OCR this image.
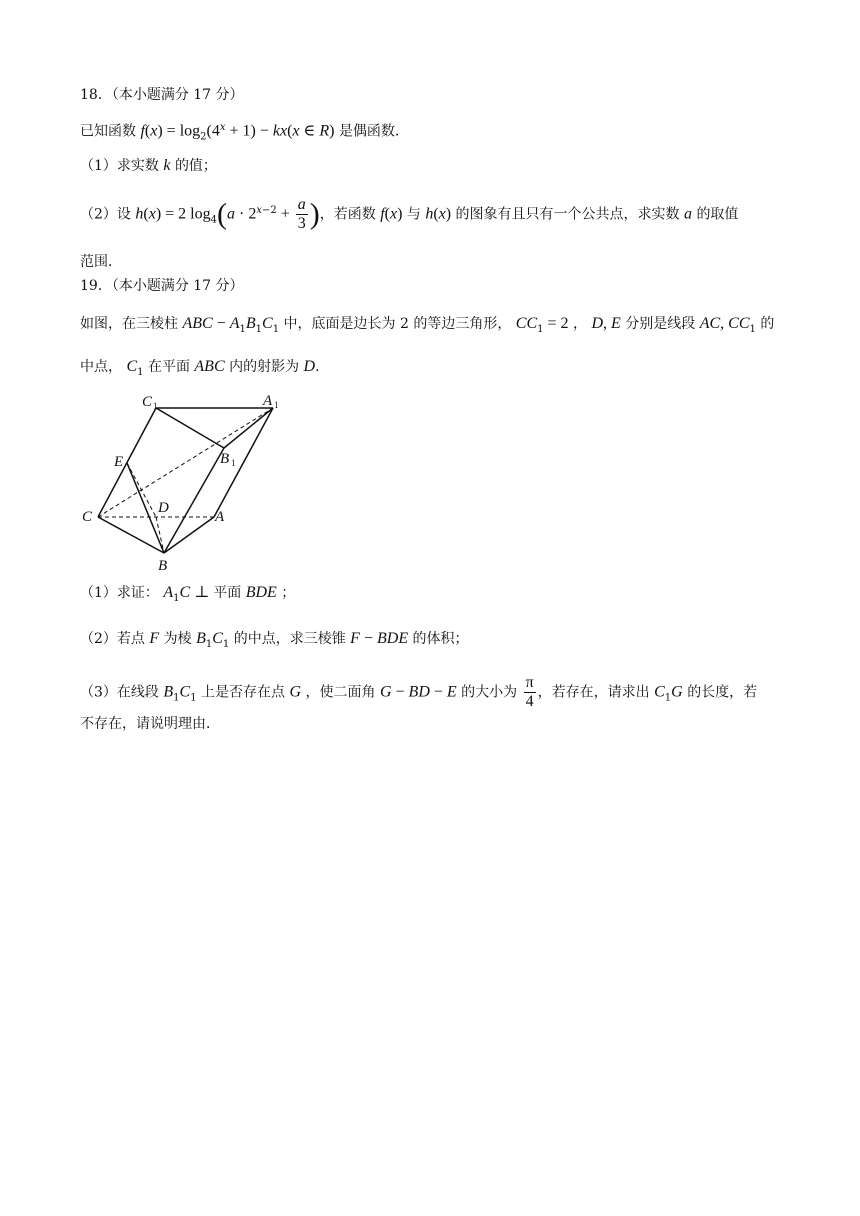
18．（本小题满分 17 分）
已知函数 $f(x) = \log_2(4^x + 1) - kx(x$ ∈ R) 是偶函数．
（1）求实数 k 的值；
（2）设 h(x) = 2 $\log_4(a \cdot 2^{x-2} + \frac{a}{3}$ )，若函数 f(x) 与 h(x) 的图象有且只有一个公共点，求实数 a 的取值
范围．
19．（本小题满分 17 分）
如图，在三棱柱 ABC − $A_1B_1C_1$ 中，底面是边长为 2 的等边三角形， $CC_1 = 2$ ， D, E 分别是线段 AC, $CC_1$ 的
中点， $C_1$ 在平面 ABC 内的射影为 D．
C 1	A 1
E	B 1
D
C	A
B
（1）求证： $A_1C$ ⊥ 平面 BDE ；
（2）若点 F 为棱 $B_1C_1$ 的中点，求三棱锥 F − BDE 的体积；
（3）在线段 $B_1C_1$ 上是否存在点 G ，使二面角 G − BD − E 的大小为 $\frac{\pi}{4}$ ，若存在，请求出 $C_1G$ 的长度，若
不存在，请说明理由．
